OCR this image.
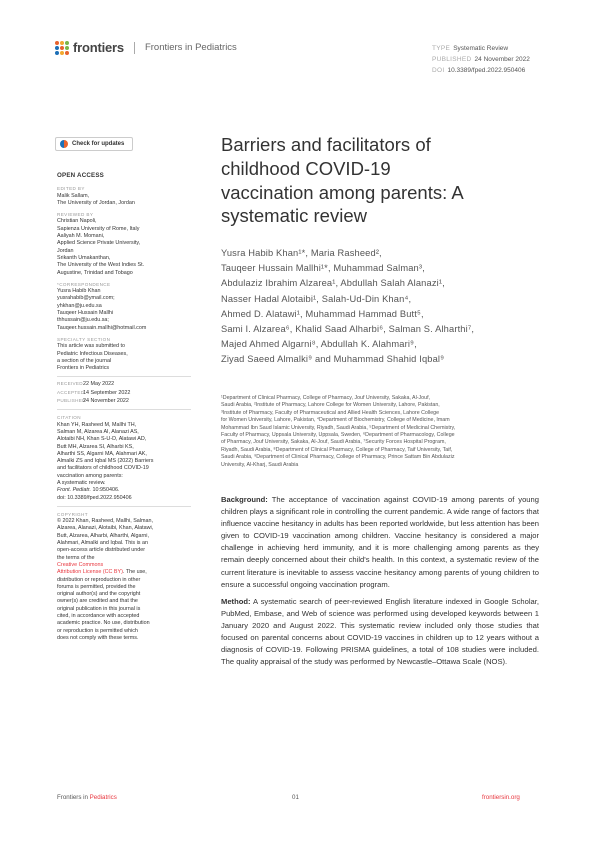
frontiers Frontiers in Pediatrics	TYPE Systematic Review
PUBLISHED 24 November 2022
DOI 10.3389/fped.2022.950406
Check for updates
OPEN ACCESS
EDITED BY
Malik Sallam,
The University of Jordan, Jordan
REVIEWED BY
Christian Napoli,
Sapienza University of Rome, Italy
Aaliyah M. Momani,
Applied Science Private University,
Jordan
Srikanth Umakanthan,
The University of the West Indies St.
Augustine, Trinidad and Tobago
*CORRESPONDENCE
Yusra Habib Khan
yusrahabib@ymail.com;
yhkhan@ju.edu.sa
Tauqeer Hussain Mallhi
thhussain@ju.edu.sa;
Tauqeer.hussain.mallhi@hotmail.com
SPECIALTY SECTION
This article was submitted to
Pediatric Infectious Diseases,
a section of the journal
Frontiers in Pediatrics
RECEIVED22 May 2022
ACCEPTED14 September 2022
PUBLISHED24 November 2022
CITATION
Khan YH, Rasheed M, Mallhi TH,
Salman M, Alzarea AI, Alanazi AS,
Alotaibi NH, Khan S-U-D, Alatawi AD,
Butt MH, Alzarea SI, Alharbi KS,
Alharthi SS, Algarni MA, Alahmari AK,
Almalki ZS and Iqbal MS (2022) Barriers
and facilitators of childhood COVID-19
vaccination among parents:
A systematic review.
Front. Pediatr. 10:950406.
doi: 10.3389/fped.2022.950406
COPYRIGHT
© 2022 Khan, Rasheed, Mallhi, Salman,
Alzarea, Alanazi, Alotaibi, Khan, Alatawi,
Butt, Alzarea, Alharbi, Alharthi, Algarni,
Alahmari, Almalki and Iqbal. This is an
open-access article distributed under
the terms of the
Creative Commons
Attribution License (CC BY). The use,
distribution or reproduction in other
forums is permitted, provided the
original author(s) and the copyright
owner(s) are credited and that the
original publication in this journal is
cited, in accordance with accepted
academic practice. No use, distribution
or reproduction is permitted which
does not comply with these terms.
Barriers and facilitators of
childhood COVID-19
vaccination among parents: A
systematic review
Yusra Habib Khan¹*, Maria Rasheed²,
Tauqeer Hussain Mallhi¹*, Muhammad Salman³,
Abdulaziz Ibrahim Alzarea¹, Abdullah Salah Alanazi¹,
Nasser Hadal Alotaibi¹, Salah-Ud-Din Khan⁴,
Ahmed D. Alatawi¹, Muhammad Hammad Butt⁵,
Sami I. Alzarea⁶, Khalid Saad Alharbi⁶, Salman S. Alharthi⁷,
Majed Ahmed Algarni⁸, Abdullah K. Alahmari⁹,
Ziyad Saeed Almalki⁹ and Muhammad Shahid Iqbal⁹
¹Department of Clinical Pharmacy, College of Pharmacy, Jouf University, Sakaka, Al-Jouf,
Saudi Arabia, ²Institute of Pharmacy, Lahore College for Women University, Lahore, Pakistan,
³Institute of Pharmacy, Faculty of Pharmaceutical and Allied Health Sciences, Lahore College
for Women University, Lahore, Pakistan, ⁴Department of Biochemistry, College of Medicine, Imam
Mohammad Ibn Saud Islamic University, Riyadh, Saudi Arabia, ⁵Department of Medicinal Chemistry,
Faculty of Pharmacy, Uppsala University, Uppsala, Sweden, ⁶Department of Pharmacology, College
of Pharmacy, Jouf University, Sakaka, Al-Jouf, Saudi Arabia, ⁷Security Forces Hospital Program,
Riyadh, Saudi Arabia, ⁸Department of Clinical Pharmacy, College of Pharmacy, Taif University, Taif,
Saudi Arabia, ⁹Department of Clinical Pharmacy, College of Pharmacy, Prince Sattam Bin Abdulaziz
University, Al-Kharj, Saudi Arabia

Background: The acceptance of vaccination against COVID-19 among parents of young children plays a significant role in controlling the current pandemic. A wide range of factors that influence vaccine hesitancy in adults has been reported worldwide, but less attention has been given to COVID-19 vaccination among children. Vaccine hesitancy is considered a major challenge in achieving herd immunity, and it is more challenging among parents as they remain deeply concerned about their child's health. In this context, a systematic review of the current literature is inevitable to assess vaccine hesitancy among parents of young children to ensure a successful ongoing vaccination program.

Method: A systematic search of peer-reviewed English literature indexed in Google Scholar, PubMed, Embase, and Web of science was performed using developed keywords between 1 January 2020 and August 2022. This systematic review included only those studies that focused on parental concerns about COVID-19 vaccines in children up to 12 years without a diagnosis of COVID-19. Following PRISMA guidelines, a total of 108 studies were included. The quality appraisal of the study was performed by Newcastle–Ottawa Scale (NOS).

Frontiers in Pediatrics	01	frontiersin.org
